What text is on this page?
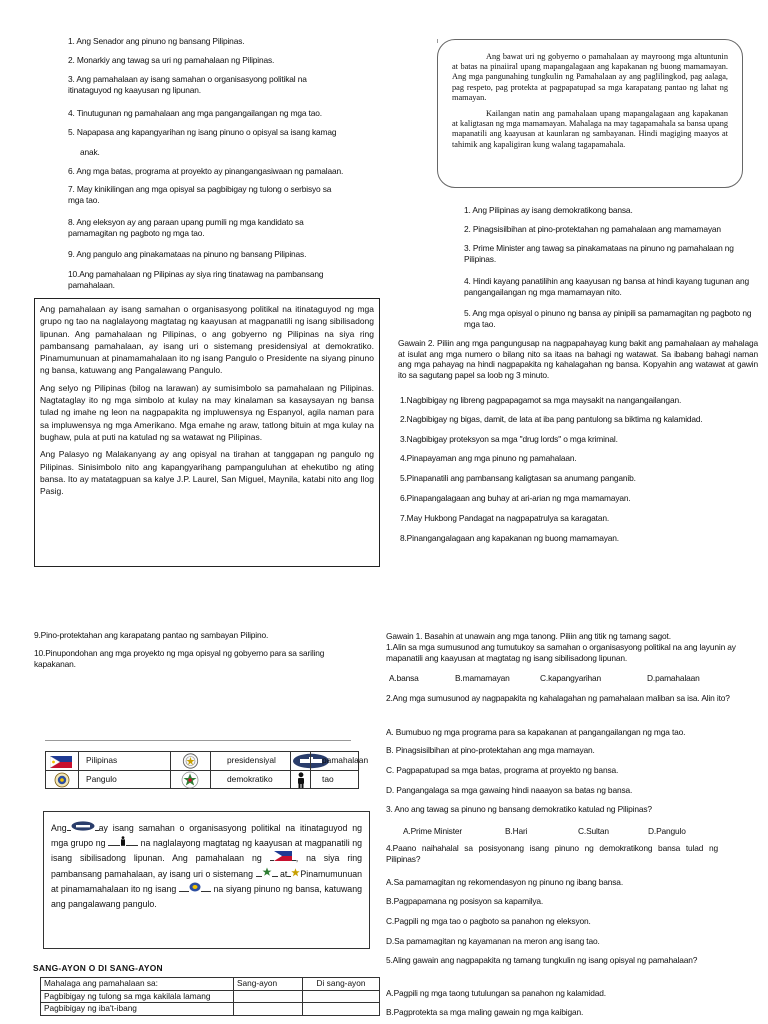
1. Ang Senador ang pinuno ng bansang Pilipinas.
2. Monarkiy ang tawag sa uri ng pamahalaan ng Pilipinas.
3. Ang pamahalaan ay isang samahan o organisasyong politikal na itinataguyod ng kaayusan ng lipunan.
4. Tinutugunan ng pamahalaan ang mga pangangailangan ng mga tao.
5. Napapasa ang kapangyarihan ng isang pinuno o opisyal sa isang kamag
anak.
6. Ang mga batas, programa at proyekto ay pinangangasiwaan ng pamalaan.
7. May kinikilingan ang mga opisyal sa pagbibigay ng tulong o serbisyo sa mga tao.
8. Ang eleksyon ay ang paraan upang pumili ng mga kandidato sa pamamagitan ng pagboto ng mga tao.
9. Ang pangulo ang pinakamataas na pinuno ng bansang Pilipinas.
10.Ang pamahalaan ng Pilipinas ay siya ring tinatawag na pambansang pamahalaan.

Ang pamahalaan ay isang samahan o organisasyong politikal na itinataguyod ng mga grupo ng tao na naglalayong magtatag ng kaayusan at magpanatili ng isang sibilisadong lipunan. Ang pamahalaan ng Pilipinas, o ang gobyerno ng Pilipinas na siya ring pambansang pamahalaan, ay isang uri o sistemang presidensiyal at demokratiko. Pinamumunuan at pinamamahalaan ito ng isang Pangulo o Presidente na siyang pinuno ng bansa, katuwang ang Pangalawang Pangulo.

Ang selyo ng Pilipinas (bilog na larawan) ay sumisimbolo sa pamahalaan ng Pilipinas. Nagtataglay ito ng mga simbolo at kulay na may kinalaman sa kasaysayan ng bansa tulad ng imahe ng leon na nagpapakita ng impluwensya ng Espanyol, agila naman para sa impluwensya ng mga Amerikano. Mga emahe ng araw, tatlong bituin at mga kulay na bughaw, pula at puti na katulad ng sa watawat ng Pilipinas.

Ang Palasyo ng Malakanyang ay ang opisyal na tirahan at tanggapan ng pangulo ng Pilipinas. Sinisimbolo nito ang kapangyarihang pampanguluhan at ehekutibo ng ating bansa. Ito ay matatagpuan sa kalye J.P. Laurel, San Miguel, Maynila, katabi nito ang Ilog Pasig.

Ang bawat uri ng gobyerno o pamahalaan ay mayroong mga altuntunin at batas na pinaiiral upang mapangalagaan ang kapakanan ng buong mamamayan. Ang mga pangunahing tungkulin ng Pamahalaan ay ang paglilingkod, pag aalaga, pag respeto, pag protekta at pagpapatupad sa mga karapatang pantao ng lahat ng mamayan.

Kailangan natin ang pamahalaan upang mapangalagaan ang kapakanan at kaligtasan ng mga mamamayan. Mahalaga na may tagapamahala sa bansa upang mapanatili ang kaayusan at kaunlaran ng sambayanan. Hindi magiging maayos at tahimik ang kapaligiran kung walang tagapamahala.

1. Ang Pilipinas ay isang demokratikong bansa.
2. Pinagsisilbihan at pino-protektahan ng pamahalaan ang mamamayan
3. Prime Minister ang tawag sa pinakamataas na pinuno ng pamahalaan ng Pilipinas.
4. Hindi kayang panatilihin ang kaayusan ng bansa at hindi kayang tugunan ang pangangailangan ng mga mamamayan nito.
5. Ang mga opisyal o pinuno ng bansa ay pinipili sa pamamagitan ng pagboto ng mga tao.
Gawain 2. Piliin ang mga pangungusap na nagpapahayag kung bakit ang pamahalaan ay mahalaga at isulat ang mga numero o bilang nito sa itaas na bahagi ng watawat. Sa ibabang bahagi naman ang mga pahayag na hindi nagpapakita ng kahalagahan ng bansa. Kopyahin ang watawat at gawin ito sa sagutang papel sa loob ng 3 minuto.
1.Nagbibigay ng libreng pagpapagamot sa mga maysakit na nangangailangan.
2.Nagbibigay ng bigas, damit, de lata at iba pang pantulong sa biktima ng kalamidad.
3.Nagbibigay proteksyon sa mga "drug lords" o mga kriminal.
4.Pinapayaman ang mga pinuno ng pamahalaan.
5.Pinapanatili ang pambansang kaligtasan sa anumang panganib.
6.Pinapangalagaan ang buhay at ari-arian ng mga mamamayan.
7.May Hukbong Pandagat na nagpapatrulya sa karagatan.
8.Pinangangalagaan ang kapakanan ng buong mamamayan.
9.Pino-protektahan ang karapatang pantao ng sambayan Pilipino.
10.Pinupondohan ang mga proyekto ng mga opisyal ng gobyerno para sa sariling kapakanan.
Pilipinas	presidensiyal	pamahalaan
Pangulo	demokratiko	tao

Ang	ay isang samahan o organisasyong politikal na itinataguyod ng mga grupo ng	na naglalayong magtatag ng kaayusan at magpanatili ng isang sibilisadong lipunan. Ang pamahalaan ng	, na siya ring pambansang pamahalaan, ay isang uri o sistemang	at Pinamumunuan at pinamamahalaan ito ng isang	na siyang pinuno ng bansa, katuwang ang pangalawang pangulo.

SANG-AYON O DI SANG-AYON
Mahalaga ang pamahalaan sa:	Sang-ayon	Di sang-ayon
Pagbibigay ng tulong sa mga kakilala lamang		
Pagbibigay ng iba't-ibang		
Gawain 1. Basahin at unawain ang mga tanong. Piliin ang titik ng tamang sagot.
1.Alin sa mga sumusunod ang tumutukoy sa samahan o organisasyong politikal na ang layunin ay mapanatili ang kaayusan at magtatag ng isang sibilisadong lipunan.
A.bansa	B.mamamayan	C.kapangyarihan	D.pamahalaan
2.Ang mga sumusunod ay nagpapakita ng kahalagahan ng pamahalaan maliban sa isa. Alin ito?
A. Bumubuo ng mga programa para sa kapakanan at pangangailangan ng mga tao.
B. Pinagsisilbihan at pino-protektahan ang mga mamayan.
C. Pagpapatupad sa mga batas, programa at proyekto ng bansa.
D. Pangangalaga sa mga gawaing hindi naaayon sa batas ng bansa.
3. Ano ang tawag sa pinuno ng bansang demokratiko katulad ng Pilipinas?
A.Prime Minister	B.Hari	C.Sultan	D.Pangulo
4.Paano naihahalal sa posisyonang isang pinuno ng demokratikong bansa tulad ng Pilipinas?
A.Sa pamamagitan ng rekomendasyon ng pinuno ng ibang bansa.
B.Pagpapamana ng posisyon sa kapamilya.
C.Pagpili ng mga tao o pagboto sa panahon ng eleksyon.
D.Sa pamamagitan ng kayamanan na meron ang isang tao.
5.Aling gawain ang nagpapakita ng tamang tungkulin ng isang opisyal ng pamahalaan?
A.Pagpili ng mga taong tutulungan sa panahon ng kalamidad.
B.Pagprotekta sa mga maling gawain ng mga kaibigan.
